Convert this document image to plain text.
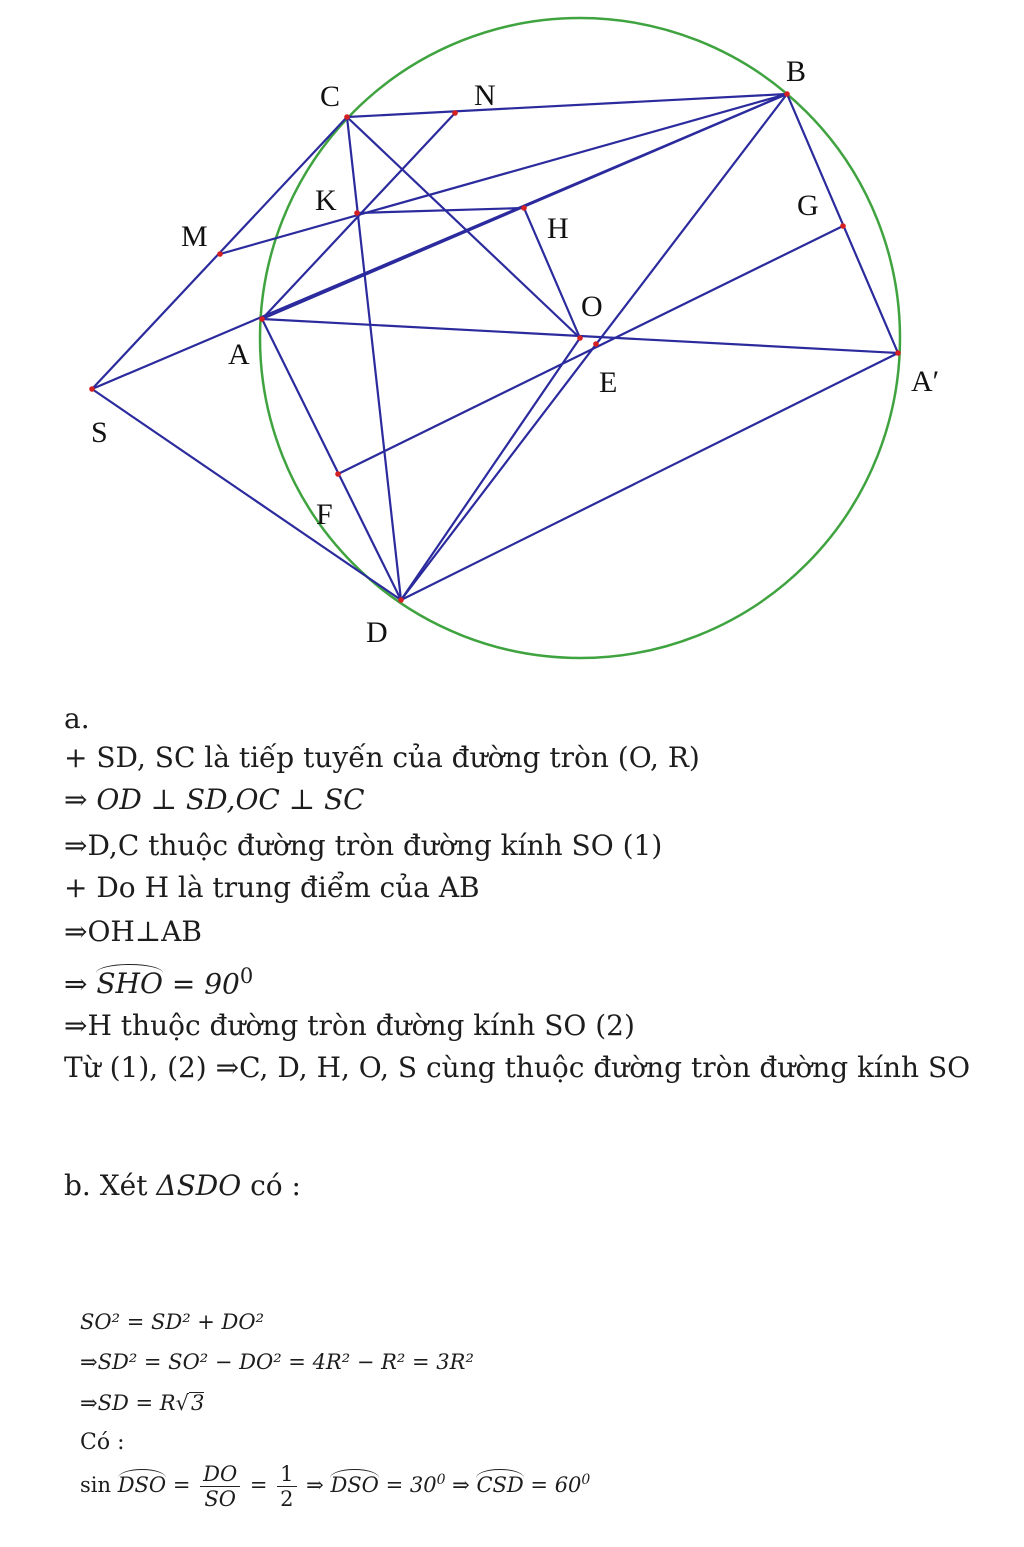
B
C	N
K
M	H
G
O
A
E	A′
S
F
D
a.
+ SD, SC là tiếp tuyến của đường tròn (O, R)
⇒ OD ⊥ SD,OC ⊥ SC
⇒D,C thuộc đường tròn đường kính SO (1)
+ Do H là trung điểm của AB
⇒OH⊥AB
⇒ SHO = $90^0$
⇒H thuộc đường tròn đường kính SO (2)
Từ (1), (2) ⇒C, D, H, O, S cùng thuộc đường tròn đường kính SO
b. Xét ΔSDO có :
SO² = SD² + DO²
⇒SD² = SO² − DO² = 4R² − R² = 3R²
⇒SD = R√3
Có :
sin DSO = $\frac{DO}{SO} = \frac{1}{2}$ ⇒ DSO = $30^0$ ⇒ CSD = $60^0$
